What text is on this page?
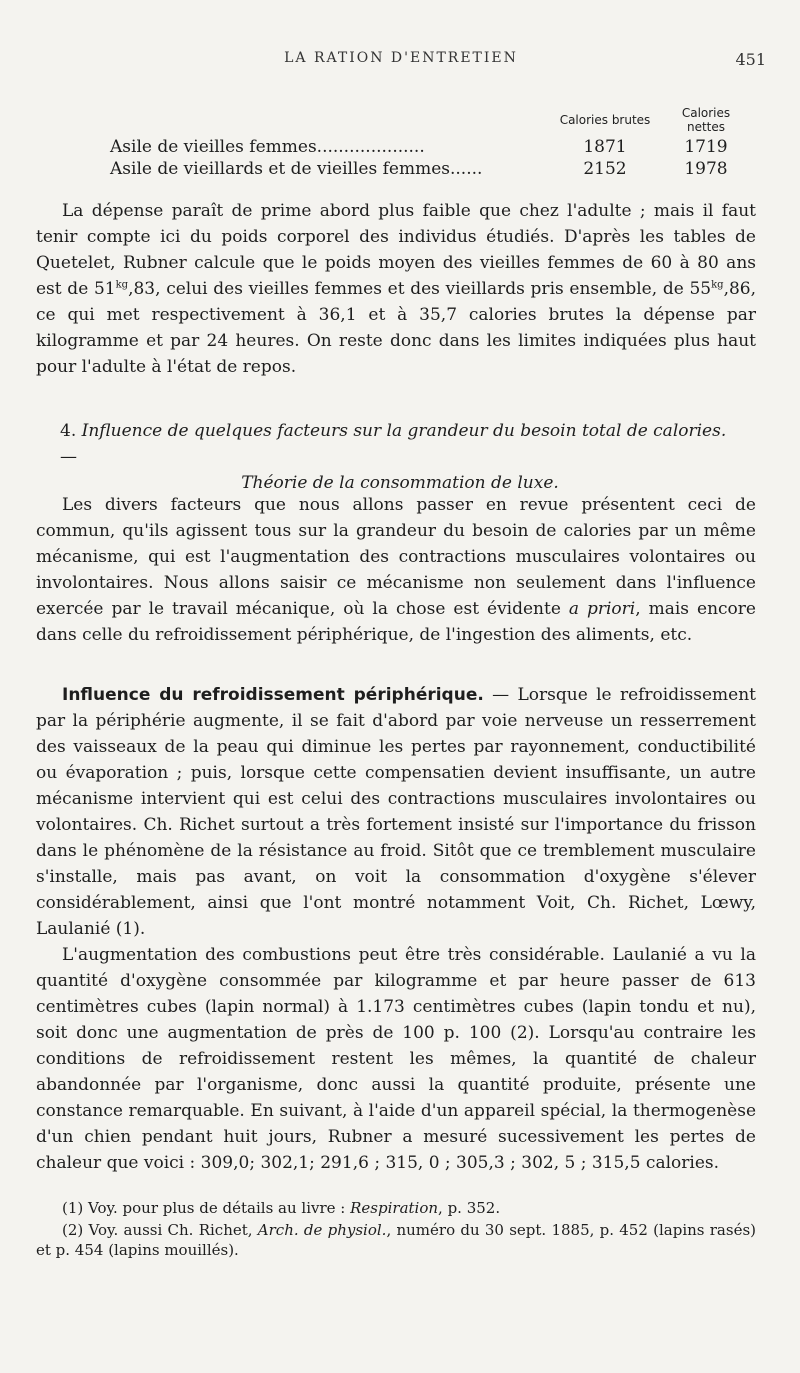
LA RATION D'ENTRETIEN	451
	Calories brutes	Calories nettes
Asile de vieilles femmes....................	1871	1719
Asile de vieillards et de vieilles femmes......	2152	1978

La dépense paraît de prime abord plus faible que chez l'adulte ; mais il faut tenir compte ici du poids corporel des individus étudiés. D'après les tables de Quetelet, Rubner calcule que le poids moyen des vieilles femmes de 60 à 80 ans est de $51^{kg},83$, celui des vieilles femmes et des vieillards pris ensemble, de $55^{kg},86$, ce qui met respectivement à 36,1 et à 35,7 calories brutes la dépense par kilogramme et par 24 heures. On reste donc dans les limites indiquées plus haut pour l'adulte à l'état de repos.

4. Influence de quelques facteurs sur la grandeur du besoin total de calories. —
Théorie de la consommation de luxe.

Les divers facteurs que nous allons passer en revue présentent ceci de commun, qu'ils agissent tous sur la grandeur du besoin de calories par un même mécanisme, qui est l'augmentation des contractions musculaires volontaires ou involontaires. Nous allons saisir ce mécanisme non seulement dans l'influence exercée par le travail mécanique, où la chose est évidente a priori, mais encore dans celle du refroidissement périphérique, de l'ingestion des aliments, etc.

Influence du refroidissement périphérique. — Lorsque le refroidissement par la périphérie augmente, il se fait d'abord par voie nerveuse un resserrement des vaisseaux de la peau qui diminue les pertes par rayonnement, conductibilité ou évaporation ; puis, lorsque cette compensatien devient insuffisante, un autre mécanisme intervient qui est celui des contractions musculaires involontaires ou volontaires. Ch. Richet surtout a très fortement insisté sur l'importance du frisson dans le phénomène de la résistance au froid. Sitôt que ce tremblement musculaire s'installe, mais pas avant, on voit la consommation d'oxygène s'élever considérablement, ainsi que l'ont montré notamment Voit, Ch. Richet, Lœwy, Laulanié (1).

L'augmentation des combustions peut être très considérable. Laulanié a vu la quantité d'oxygène consommée par kilogramme et par heure passer de 613 centimètres cubes (lapin normal) à 1.173 centimètres cubes (lapin tondu et nu), soit donc une augmentation de près de 100 p. 100 (2). Lorsqu'au contraire les conditions de refroidissement restent les mêmes, la quantité de chaleur abandonnée par l'organisme, donc aussi la quantité produite, présente une constance remarquable. En suivant, à l'aide d'un appareil spécial, la thermogenèse d'un chien pendant huit jours, Rubner a mesuré sucessivement les pertes de chaleur que voici : 309,0; 302,1; 291,6 ; 315, 0 ; 305,3 ; 302, 5 ; 315,5 calories.

(1) Voy. pour plus de détails au livre : Respiration, p. 352.

(2) Voy. aussi Ch. Richet, Arch. de physiol., numéro du 30 sept. 1885, p. 452 (lapins rasés) et p. 454 (lapins mouillés).
